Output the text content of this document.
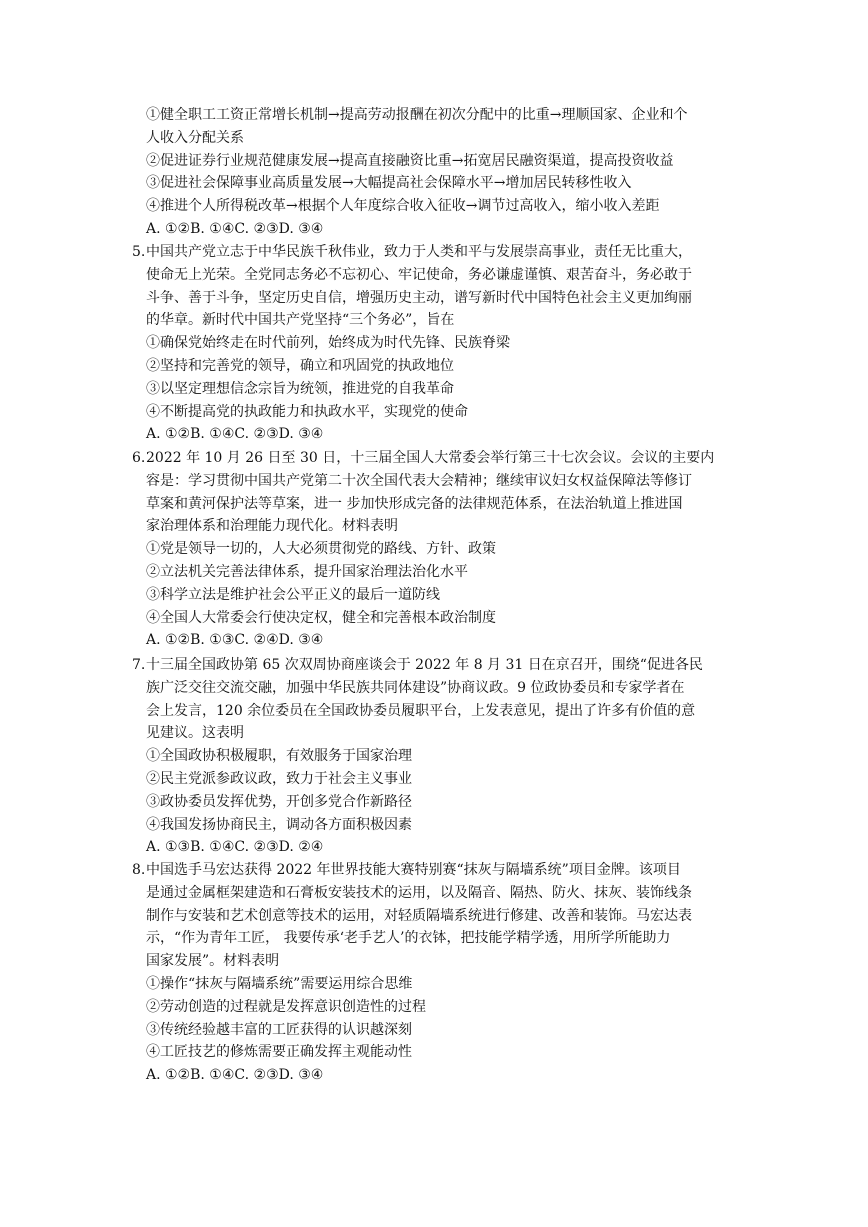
①健全职工工资正常增长机制→提高劳动报酬在初次分配中的比重→理顺国家、企业和个
人收入分配关系
②促进证券行业规范健康发展→提高直接融资比重→拓宽居民融资渠道，提高投资收益
③促进社会保障事业高质量发展→大幅提高社会保障水平→增加居民转移性收入
④推进个人所得税改革→根据个人年度综合收入征收→调节过高收入，缩小收入差距
A. ①②B. ①④C. ②③D. ③④
5. 中国共产党立志于中华民族千秋伟业，致力于人类和平与发展崇高事业，责任无比重大，
使命无上光荣。全党同志务必不忘初心、牢记使命，务必谦虚谨慎、艰苦奋斗，务必敢于
斗争、善于斗争，坚定历史自信，增强历史主动，谱写新时代中国特色社会主义更加绚丽
的华章。新时代中国共产党坚持“三个务必”，旨在
①确保党始终走在时代前列，始终成为时代先锋、民族脊梁
②坚持和完善党的领导，确立和巩固党的执政地位
③以坚定理想信念宗旨为统领，推进党的自我革命
④不断提高党的执政能力和执政水平，实现党的使命
A. ①②B. ①④C. ②③D. ③④
6. 2022 年 10 月 26 日至 30 日，十三届全国人大常委会举行第三十七次会议。会议的主要内
容是：学习贯彻中国共产党第二十次全国代表大会精神；继续审议妇女权益保障法等修订
草案和黄河保护法等草案，进一 步加快形成完备的法律规范体系，在法治轨道上推进国
家治理体系和治理能力现代化。材料表明
①党是领导一切的，人大必须贯彻党的路线、方针、政策
②立法机关完善法律体系，提升国家治理法治化水平
③科学立法是维护社会公平正义的最后一道防线
④全国人大常委会行使决定权，健全和完善根本政治制度
A. ①②B. ①③C. ②④D. ③④
7. 十三届全国政协第 65 次双周协商座谈会于 2022 年 8 月 31 日在京召开，围绕“促进各民
族广泛交往交流交融，加强中华民族共同体建设”协商议政。9 位政协委员和专家学者在
会上发言，120 余位委员在全国政协委员履职平台，上发表意见，提出了许多有价值的意
见建议。这表明
①全国政协积极履职，有效服务于国家治理
②民主党派参政议政，致力于社会主义事业
③政协委员发挥优势，开创多党合作新路径
④我国发扬协商民主，调动各方面积极因素
A. ①③B. ①④C. ②③D. ②④
8. 中国选手马宏达获得 2022 年世界技能大赛特别赛“抹灰与隔墙系统”项目金牌。该项目
是通过金属框架建造和石膏板安装技术的运用，以及隔音、隔热、防火、抹灰、装饰线条
制作与安装和艺术创意等技术的运用，对轻质隔墙系统进行修建、改善和装饰。马宏达表
示，“作为青年工匠， 我要传承‘老手艺人’的衣钵，把技能学精学透，用所学所能助力
国家发展”。材料表明
①操作“抹灰与隔墙系统”需要运用综合思维
②劳动创造的过程就是发挥意识创造性的过程
③传统经验越丰富的工匠获得的认识越深刻
④工匠技艺的修炼需要正确发挥主观能动性
A. ①②B. ①④C. ②③D. ③④
